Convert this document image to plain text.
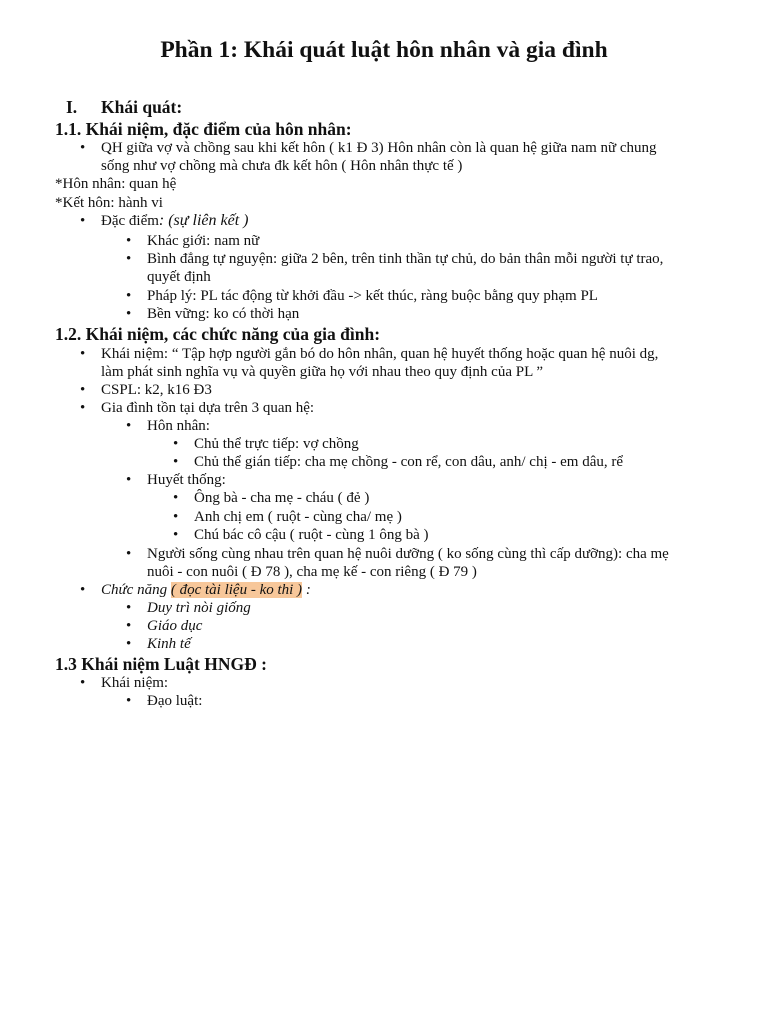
Phần 1: Khái quát luật hôn nhân và gia đình
I. Khái quát:
1.1. Khái niệm, đặc điểm của hôn nhân:
• QH giữa vợ và chồng sau khi kết hôn ( k1 Đ 3) Hôn nhân còn là quan hệ giữa nam nữ chung
sống như vợ chồng mà chưa đk kết hôn ( Hôn nhân thực tế )
*Hôn nhân: quan hệ
*Kết hôn: hành vi
• Đặc điểm: (sự liên kết )
• Khác giới: nam nữ
• Bình đẳng tự nguyện: giữa 2 bên, trên tinh thần tự chủ, do bản thân mỗi người tự trao,
quyết định
• Pháp lý: PL tác động từ khởi đầu -> kết thúc, ràng buộc bằng quy phạm PL
• Bền vững: ko có thời hạn
1.2. Khái niệm, các chức năng của gia đình:
• Khái niệm: “ Tập hợp người gắn bó do hôn nhân, quan hệ huyết thống hoặc quan hệ nuôi dg,
làm phát sinh nghĩa vụ và quyền giữa họ với nhau theo quy định của PL ”
• CSPL: k2, k16 Đ3
• Gia đình tồn tại dựa trên 3 quan hệ:
• Hôn nhân:
• Chủ thể trực tiếp: vợ chồng
• Chủ thể gián tiếp: cha mẹ chồng - con rể, con dâu, anh/ chị - em dâu, rể
• Huyết thống:
• Ông bà - cha mẹ - cháu ( đẻ )
• Anh chị em ( ruột - cùng cha/ mẹ )
• Chú bác cô cậu ( ruột - cùng 1 ông bà )
• Người sống cùng nhau trên quan hệ nuôi dưỡng ( ko sống cùng thì cấp dưỡng): cha mẹ
nuôi - con nuôi ( Đ 78 ), cha mẹ kế - con riêng ( Đ 79 )
• Chức năng ( đọc tài liệu - ko thi ) :
• Duy trì nòi giống
• Giáo dục
• Kinh tế
1.3 Khái niệm Luật HNGĐ :
• Khái niệm:
• Đạo luật:
